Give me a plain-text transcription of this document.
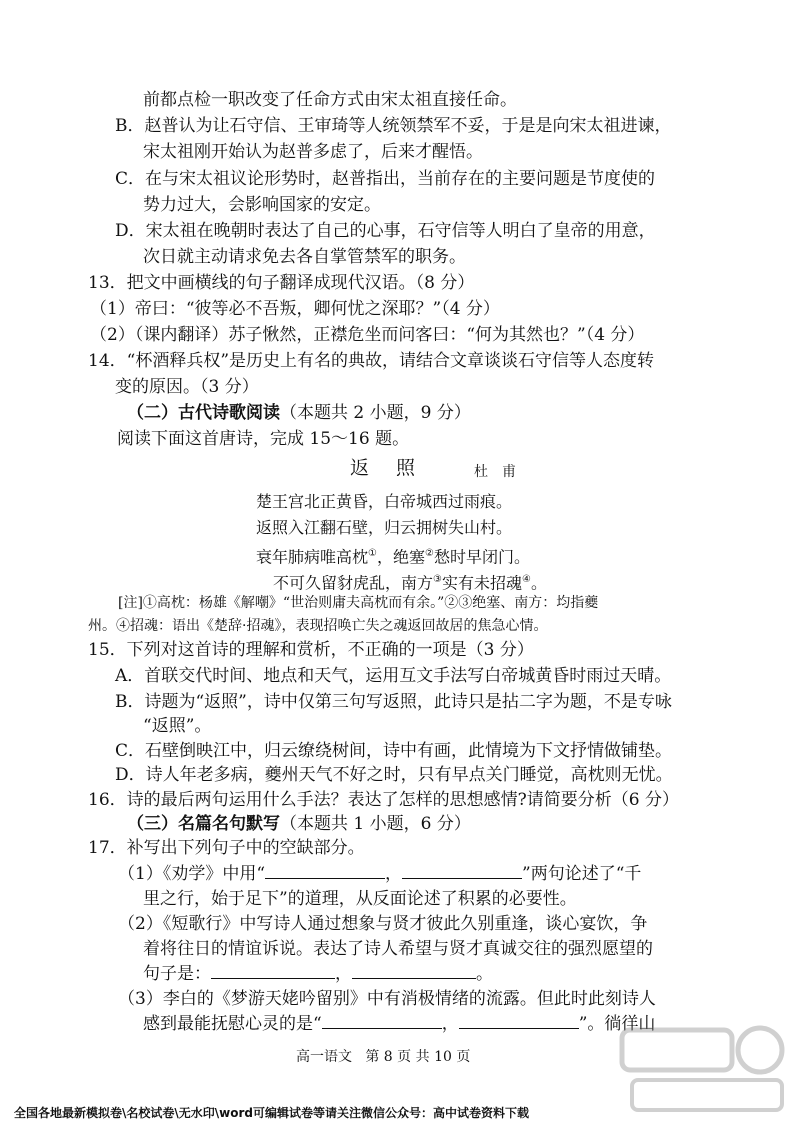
前都点检一职改变了任命方式由宋太祖直接任命。
B．赵普认为让石守信、王审琦等人统领禁军不妥，于是是向宋太祖进谏，
宋太祖刚开始认为赵普多虑了，后来才醒悟。
C．在与宋太祖议论形势时，赵普指出，当前存在的主要问题是节度使的
势力过大，会影响国家的安定。
D．宋太祖在晚朝时表达了自己的心事，石守信等人明白了皇帝的用意，
次日就主动请求免去各自掌管禁军的职务。
13．把文中画横线的句子翻译成现代汉语。（8 分）
（1）帝曰：“彼等必不吾叛，卿何忧之深耶？”（4 分）
（2）（课内翻译）苏子愀然，正襟危坐而问客曰：“何为其然也？”（4 分）
14．“杯酒释兵权”是历史上有名的典故，请结合文章谈谈石守信等人态度转
变的原因。（3 分）
（二）古代诗歌阅读（本题共 2 小题，9 分）
阅读下面这首唐诗，完成 15～16 题。
返　照	杜　甫
楚王宫北正黄昏，白帝城西过雨痕。
返照入江翻石壁，归云拥树失山村。
衰年肺病唯高枕①，绝塞②愁时早闭门。
不可久留豺虎乱，南方③实有未招魂④。
[注]①高枕：杨雄《解嘲》“世治则庸夫高枕而有余。”②③绝塞、南方：均指夔
州。④招魂：语出《楚辞·招魂》，表现招唤亡失之魂返回故居的焦急心情。
15．下列对这首诗的理解和赏析，不正确的一项是（3 分）
A．首联交代时间、地点和天气，运用互文手法写白帝城黄昏时雨过天晴。
B．诗题为“返照”，诗中仅第三句写返照，此诗只是拈二字为题，不是专咏
“返照”。
C．石壁倒映江中，归云缭绕树间，诗中有画，此情境为下文抒情做铺垫。
D．诗人年老多病，夔州天气不好之时，只有早点关门睡觉，高枕则无忧。
16．诗的最后两句运用什么手法？表达了怎样的思想感情?请简要分析（6 分）
（三）名篇名句默写（本题共 1 小题，6 分）
17．补写出下列句子中的空缺部分。
（1）《劝学》中用“	，	”两句论述了“千
里之行，始于足下”的道理，从反面论述了积累的必要性。
（2）《短歌行》中写诗人通过想象与贤才彼此久别重逢，谈心宴饮，争
着将往日的情谊诉说。表达了诗人希望与贤才真诚交往的强烈愿望的
句子是：	，	。
（3）李白的《梦游天姥吟留别》中有消极情绪的流露。但此时此刻诗人
感到最能抚慰心灵的是“	，	”。徜徉山
高一语文 第 8 页 共 10 页
全国各地最新模拟卷\名校试卷\无水印\word可编辑试卷等请关注微信公众号：高中试卷资料下载
